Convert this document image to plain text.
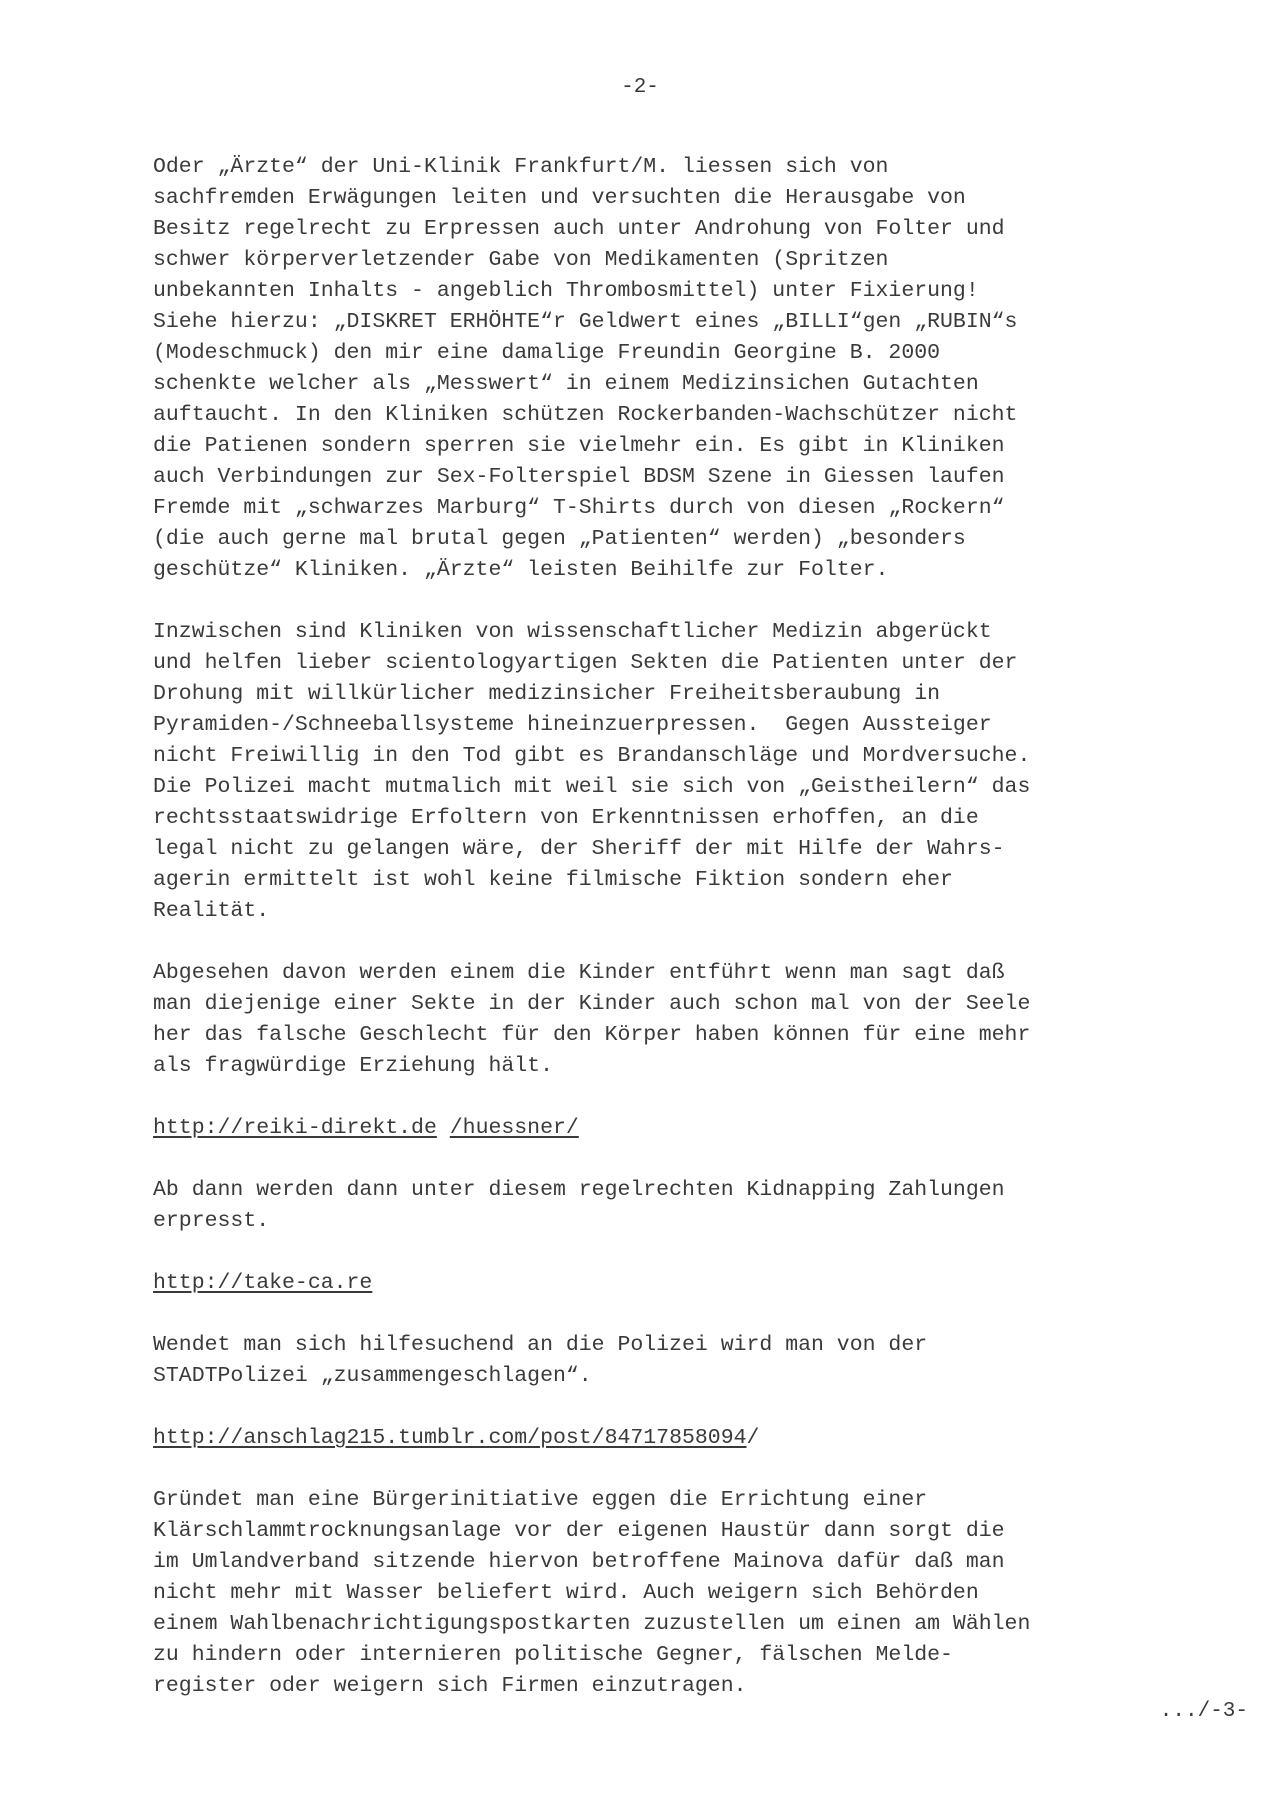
-2-

Oder „Ärzte“ der Uni-Klinik Frankfurt/M. liessen sich von
sachfremden Erwägungen leiten und versuchten die Herausgabe von
Besitz regelrecht zu Erpressen auch unter Androhung von Folter und
schwer körperverletzender Gabe von Medikamenten (Spritzen
unbekannten Inhalts - angeblich Thrombosmittel) unter Fixierung!
Siehe hierzu: „DISKRET ERHÖHTE“r Geldwert eines „BILLI“gen „RUBIN“s
(Modeschmuck) den mir eine damalige Freundin Georgine B. 2000
schenkte welcher als „Messwert“ in einem Medizinsichen Gutachten
auftaucht. In den Kliniken schützen Rockerbanden-Wachschützer nicht
die Patienen sondern sperren sie vielmehr ein. Es gibt in Kliniken
auch Verbindungen zur Sex-Folterspiel BDSM Szene in Giessen laufen
Fremde mit „schwarzes Marburg“ T-Shirts durch von diesen „Rockern“
(die auch gerne mal brutal gegen „Patienten“ werden) „besonders
geschütze“ Kliniken. „Ärzte“ leisten Beihilfe zur Folter.

Inzwischen sind Kliniken von wissenschaftlicher Medizin abgerückt
und helfen lieber scientologyartigen Sekten die Patienten unter der
Drohung mit willkürlicher medizinsicher Freiheitsberaubung in
Pyramiden-/Schneeballsysteme hineinzuerpressen.  Gegen Aussteiger
nicht Freiwillig in den Tod gibt es Brandanschläge und Mordversuche.
Die Polizei macht mutmalich mit weil sie sich von „Geistheilern“ das
rechtsstaatswidrige Erfoltern von Erkenntnissen erhoffen, an die
legal nicht zu gelangen wäre, der Sheriff der mit Hilfe der Wahrs-
agerin ermittelt ist wohl keine filmische Fiktion sondern eher
Realität.

Abgesehen davon werden einem die Kinder entführt wenn man sagt daß
man diejenige einer Sekte in der Kinder auch schon mal von der Seele
her das falsche Geschlecht für den Körper haben können für eine mehr
als fragwürdige Erziehung hält.

http://reiki-direkt.de /huessner/

Ab dann werden dann unter diesem regelrechten Kidnapping Zahlungen
erpresst.

http://take-ca.re

Wendet man sich hilfesuchend an die Polizei wird man von der
STADTPolizei „zusammengeschlagen“.

http://anschlag215.tumblr.com/post/84717858094/

Gründet man eine Bürgerinitiative eggen die Errichtung einer
Klärschlammtrocknungsanlage vor der eigenen Haustür dann sorgt die
im Umlandverband sitzende hiervon betroffene Mainova dafür daß man
nicht mehr mit Wasser beliefert wird. Auch weigern sich Behörden
einem Wahlbenachrichtigungspostkarten zuzustellen um einen am Wählen
zu hindern oder internieren politische Gegner, fälschen Melde-
register oder weigern sich Firmen einzutragen.

.../-3-
